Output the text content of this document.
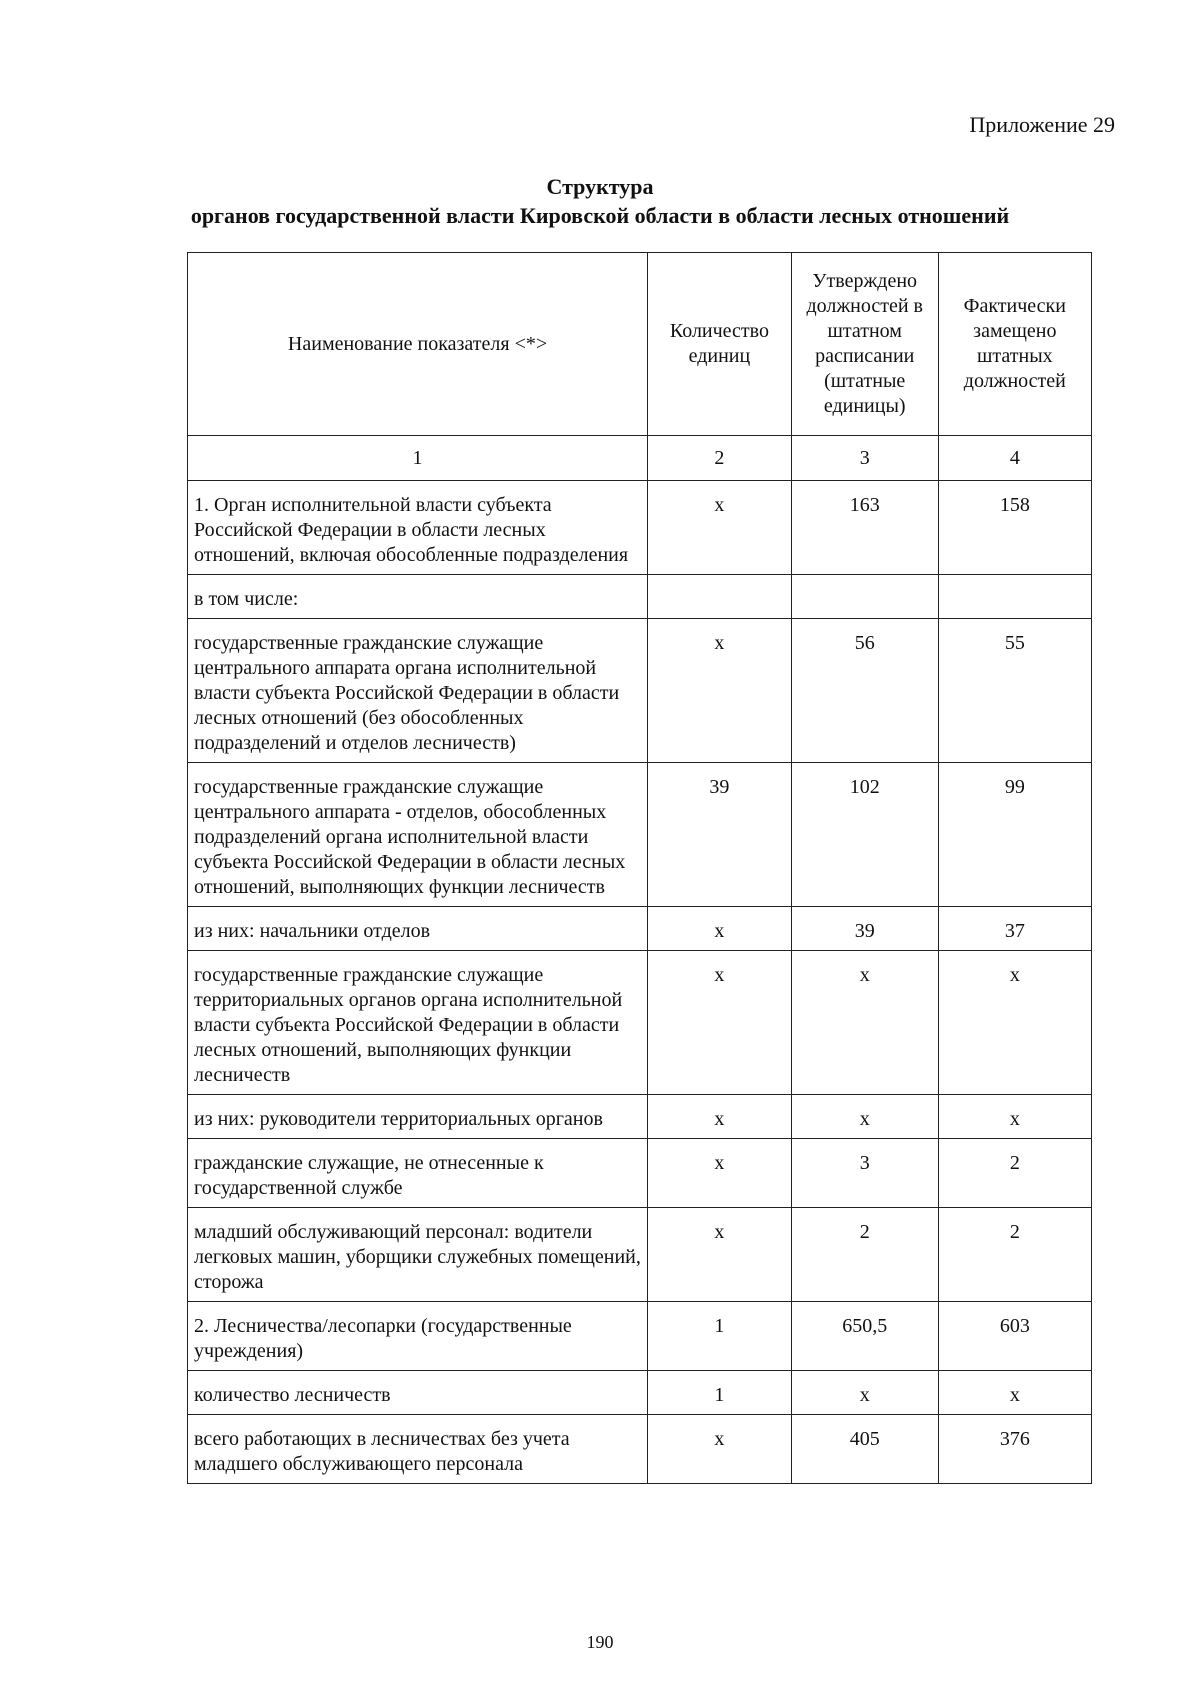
Приложение 29
Структура
органов государственной власти Кировской области в области лесных отношений
Наименование показателя <*>	Количество единиц	Утверждено должностей в штатном расписании (штатные единицы)	Фактически замещено штатных должностей
1	2	3	4
1. Орган исполнительной власти субъекта Российской Федерации в области лесных отношений, включая обособленные подразделения	х	163	158
в том числе:			
государственные гражданские служащие центрального аппарата органа исполнительной власти субъекта Российской Федерации в области лесных отношений (без обособленных подразделений и отделов лесничеств)	х	56	55
государственные гражданские служащие центрального аппарата - отделов, обособленных подразделений органа исполнительной власти субъекта Российской Федерации в области лесных отношений, выполняющих функции лесничеств	39	102	99
из них: начальники отделов	х	39	37
государственные гражданские служащие территориальных органов органа исполнительной власти субъекта Российской Федерации в области лесных отношений, выполняющих функции лесничеств	х	х	х
из них: руководители территориальных органов	х	х	х
гражданские служащие, не отнесенные к государственной службе	х	3	2
младший обслуживающий персонал: водители легковых машин, уборщики служебных помещений, сторожа	х	2	2
2. Лесничества/лесопарки (государственные учреждения)	1	650,5	603
количество лесничеств	1	х	х
всего работающих в лесничествах без учета младшего обслуживающего персонала	х	405	376
190
